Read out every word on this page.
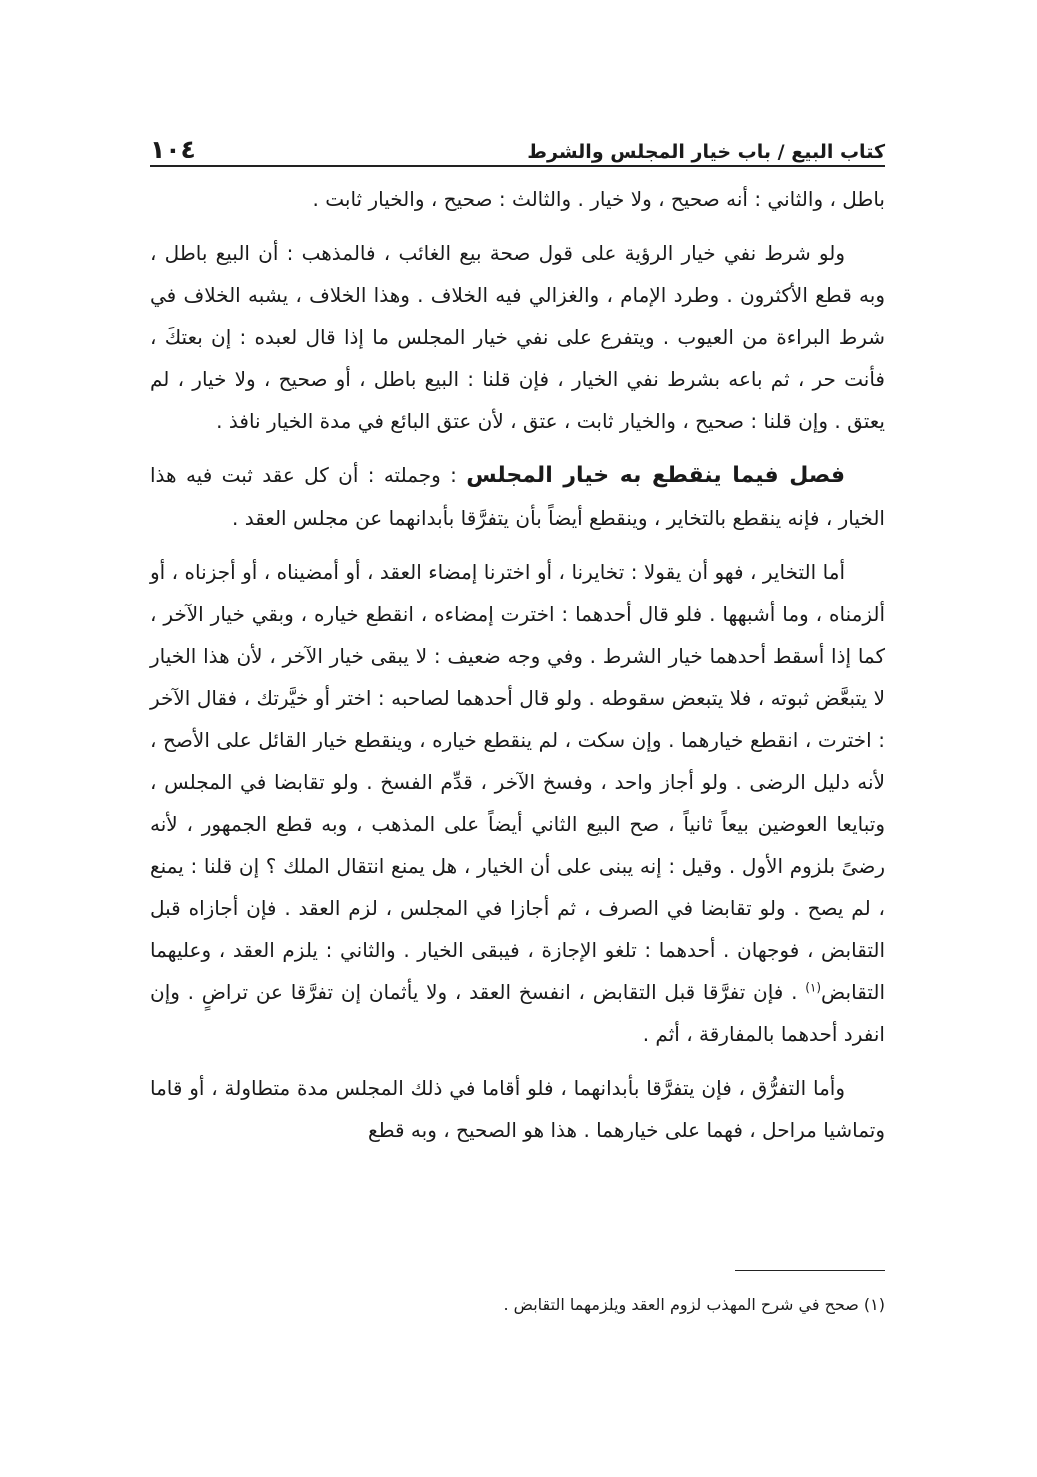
كتاب البيع / باب خيار المجلس والشرط
١٠٤

باطل ، والثاني : أنه صحيح ، ولا خيار . والثالث : صحيح ، والخيار ثابت .

ولو شرط نفي خيار الرؤية على قول صحة بيع الغائب ، فالمذهب : أن البيع باطل ، وبه قطع الأكثرون . وطرد الإمام ، والغزالي فيه الخلاف . وهذا الخلاف ، يشبه الخلاف في شرط البراءة من العيوب . ويتفرع على نفي خيار المجلس ما إذا قال لعبده : إن بعتكَ ، فأنت حر ، ثم باعه بشرط نفي الخيار ، فإن قلنا : البيع باطل ، أو صحيح ، ولا خيار ، لم يعتق . وإن قلنا : صحيح ، والخيار ثابت ، عتق ، لأن عتق البائع في مدة الخيار نافذ .

فصل فيما ينقطع به خيار المجلس : وجملته : أن كل عقد ثبت فيه هذا الخيار ، فإنه ينقطع بالتخاير ، وينقطع أيضاً بأن يتفرَّقا بأبدانهما عن مجلس العقد .

أما التخاير ، فهو أن يقولا : تخايرنا ، أو اخترنا إمضاء العقد ، أو أمضيناه ، أو أجزناه ، أو ألزمناه ، وما أشبهها . فلو قال أحدهما : اخترت إمضاءه ، انقطع خياره ، وبقي خيار الآخر ، كما إذا أسقط أحدهما خيار الشرط . وفي وجه ضعيف : لا يبقى خيار الآخر ، لأن هذا الخيار لا يتبعَّض ثبوته ، فلا يتبعض سقوطه . ولو قال أحدهما لصاحبه : اختر أو خيَّرتك ، فقال الآخر : اخترت ، انقطع خيارهما . وإن سكت ، لم ينقطع خياره ، وينقطع خيار القائل على الأصح ، لأنه دليل الرضى . ولو أجاز واحد ، وفسخ الآخر ، قدِّم الفسخ . ولو تقابضا في المجلس ، وتبايعا العوضين بيعاً ثانياً ، صح البيع الثاني أيضاً على المذهب ، وبه قطع الجمهور ، لأنه رضىً بلزوم الأول . وقيل : إنه يبنى على أن الخيار ، هل يمنع انتقال الملك ؟ إن قلنا : يمنع ، لم يصح . ولو تقابضا في الصرف ، ثم أجازا في المجلس ، لزم العقد . فإن أجازاه قبل التقابض ، فوجهان . أحدهما : تلغو الإجازة ، فيبقى الخيار . والثاني : يلزم العقد ، وعليهما التقابض$^{(١)}$ . فإن تفرَّقا قبل التقابض ، انفسخ العقد ، ولا يأثمان إن تفرَّقا عن تراضٍ . وإن انفرد أحدهما بالمفارقة ، أثم .

وأما التفرُّق ، فإن يتفرَّقا بأبدانهما ، فلو أقاما في ذلك المجلس مدة متطاولة ، أو قاما وتماشيا مراحل ، فهما على خيارهما . هذا هو الصحيح ، وبه قطع

(١) صحح في شرح المهذب لزوم العقد ويلزمهما التقابض .
